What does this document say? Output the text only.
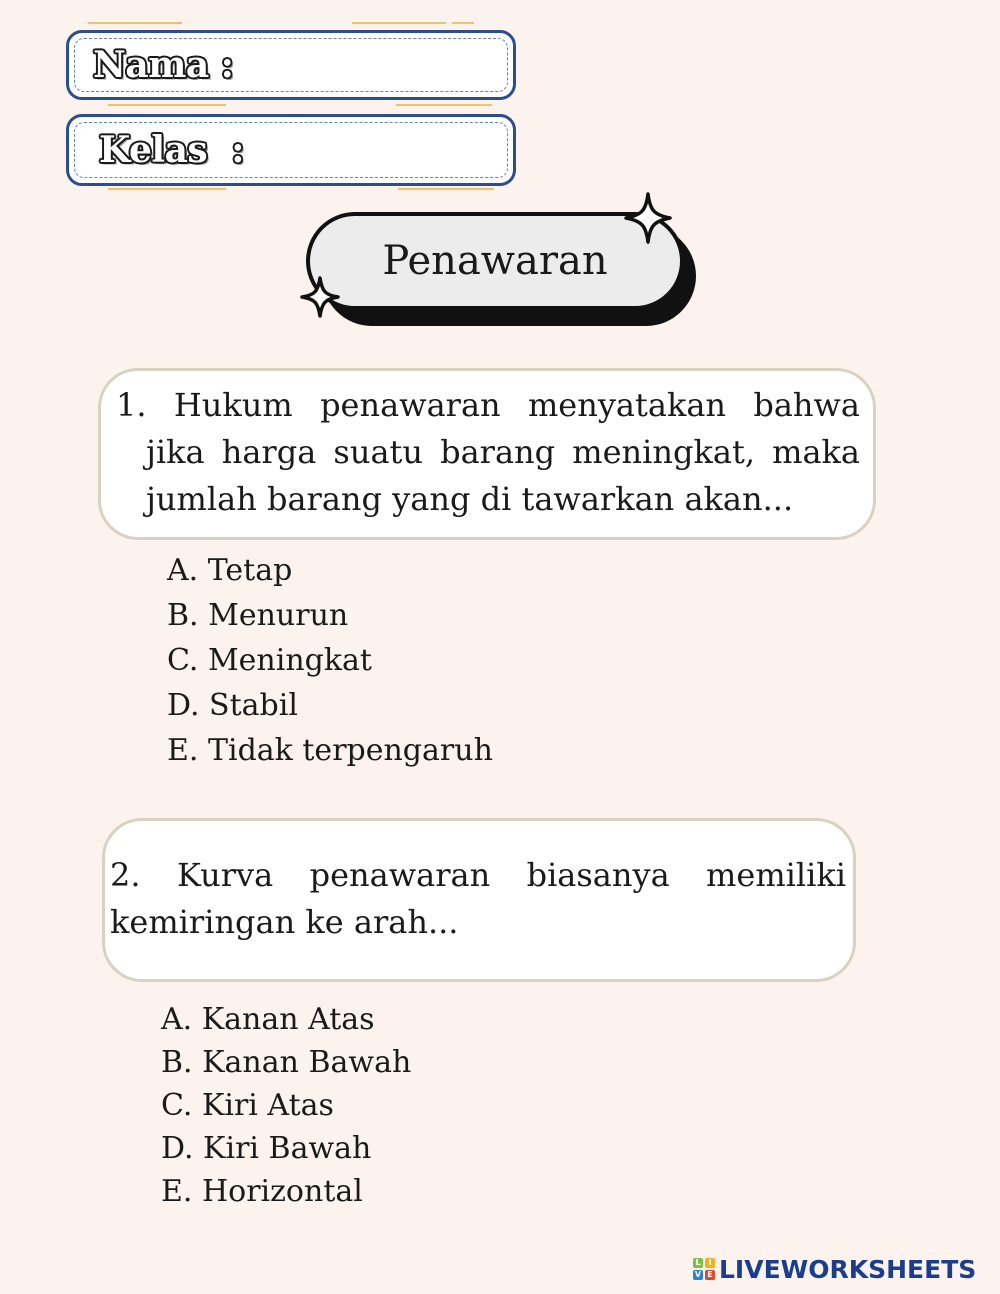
Nama :
Kelas  :
Penawaran
1.  Hukum  penawaran  menyatakan  bahwa
jika harga suatu barang meningkat, maka
jumlah barang yang di tawarkan akan...
A. Tetap
B. Menurun
C. Meningkat
D. Stabil
E. Tidak terpengaruh
2.  Kurva  penawaran  biasanya  memiliki
kemiringan ke arah...
A. Kanan Atas
B. Kanan Bawah
C. Kiri Atas
D. Kiri Bawah
E. Horizontal
L I
V E LIVEWORKSHEETS
